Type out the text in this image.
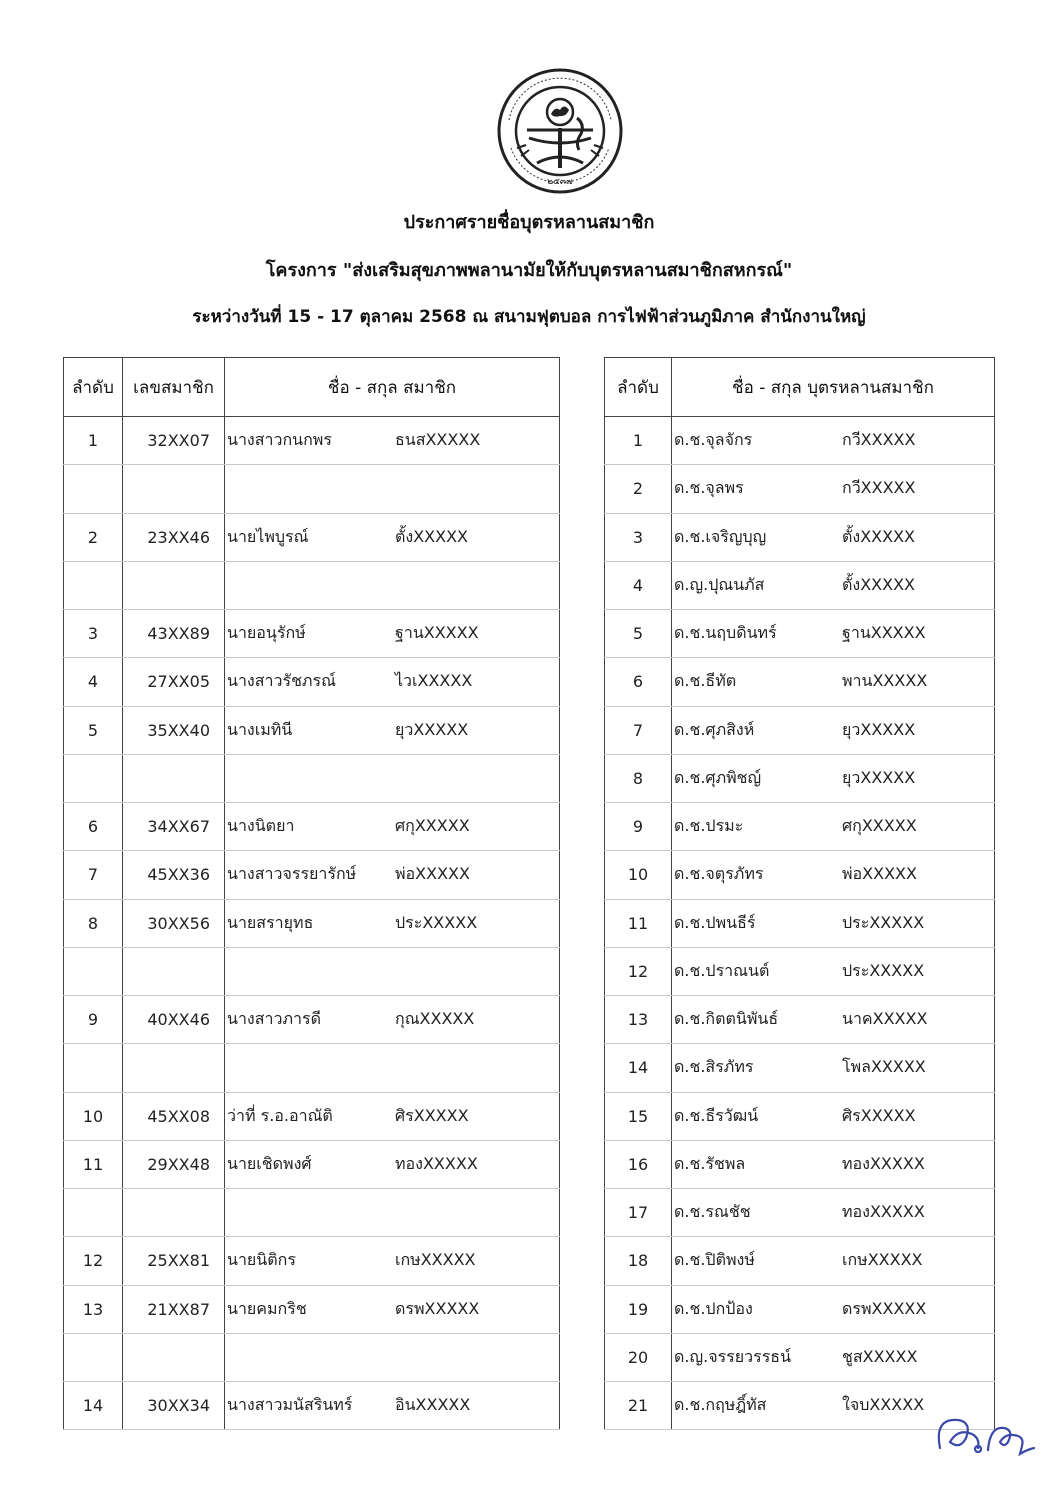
๒๕๓๗
ประกาศรายชื่อบุตรหลานสมาชิก
โครงการ "ส่งเสริมสุขภาพพลานามัยให้กับบุตรหลานสมาชิกสหกรณ์"
ระหว่างวันที่ 15 - 17 ตุลาคม 2568 ณ สนามฟุตบอล การไฟฟ้าส่วนภูมิภาค สำนักงานใหญ่
ลำดับ	เลขสมาชิก	ชื่อ - สกุล สมาชิก
1	32XX07	นางสาวกนกพร ธนสXXXXX

2	23XX46	นายไพบูรณ์ ตั้งXXXXX

3	43XX89	นายอนุรักษ์ ฐานXXXXX
4	27XX05	นางสาวรัชภรณ์ ไวเXXXXX
5	35XX40	นางเมทินี ยุวXXXXX

6	34XX67	นางนิตยา ศกุXXXXX
7	45XX36	นางสาวจรรยารักษ์ พ่อXXXXX
8	30XX56	นายสรายุทธ ประXXXXX

9	40XX46	นางสาวภารดี กุณXXXXX

10	45XX08	ว่าที่ ร.อ.อาณัติ ศิรXXXXX
11	29XX48	นายเชิดพงศ์ ทองXXXXX

12	25XX81	นายนิติกร เกษXXXXX
13	21XX87	นายคมกริช ดรพXXXXX

14	30XX34	นางสาวมนัสรินทร์ อินXXXXX
ลำดับ	ชื่อ - สกุล บุตรหลานสมาชิก
1	ด.ช.จุลจักร กวีXXXXX
2	ด.ช.จุลพร กวีXXXXX
3	ด.ช.เจริญบุญ ตั้งXXXXX
4	ด.ญ.ปุณนภัส ตั้งXXXXX
5	ด.ช.นฤบดินทร์ ฐานXXXXX
6	ด.ช.ธีทัต พานXXXXX
7	ด.ช.ศุภสิงห์ ยุวXXXXX
8	ด.ช.ศุภพิชญ์ ยุวXXXXX
9	ด.ช.ปรมะ ศกุXXXXX
10	ด.ช.จตุรภัทร พ่อXXXXX
11	ด.ช.ปพนธีร์ ประXXXXX
12	ด.ช.ปราณนต์ ประXXXXX
13	ด.ช.กิตตนิพันธ์ นาคXXXXX
14	ด.ช.สิรภัทร โพลXXXXX
15	ด.ช.ธีรวัฒน์ ศิรXXXXX
16	ด.ช.รัชพล ทองXXXXX
17	ด.ช.รณชัช ทองXXXXX
18	ด.ช.ปิติพงษ์ เกษXXXXX
19	ด.ช.ปกป้อง ดรพXXXXX
20	ด.ญ.จรรยวรรธน์ ชูสXXXXX
21	ด.ช.กฤษฎิ์ทัส ใจบXXXXX
